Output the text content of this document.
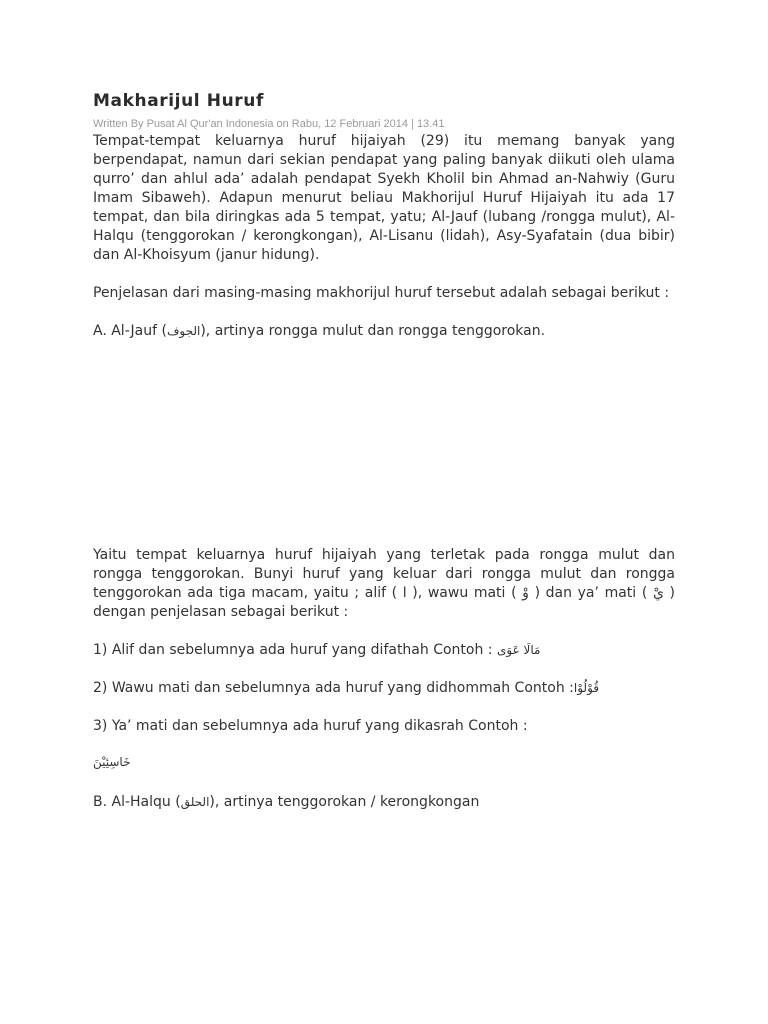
Makharijul Huruf
Written By Pusat Al Qur'an Indonesia on Rabu, 12 Februari 2014 | 13.41

Tempat-tempat keluarnya huruf hijaiyah (29) itu memang banyak yang berpendapat, namun dari sekian pendapat yang paling banyak diikuti oleh ulama qurro’ dan ahlul ada’ adalah pendapat Syekh Kholil bin Ahmad an-Nahwiy (Guru Imam Sibaweh). Adapun menurut beliau Makhorijul Huruf Hijaiyah itu ada 17 tempat, dan bila diringkas ada 5 tempat, yatu; Al-Jauf (lubang /rongga mulut), Al-Halqu (tenggorokan / kerongkongan), Al-Lisanu (lidah), Asy-Syafatain (dua bibir) dan Al-Khoisyum (janur hidung).

Penjelasan dari masing-masing makhorijul huruf tersebut adalah sebagai berikut :

A. Al-Jauf (الجوف), artinya rongga mulut dan rongga tenggorokan.

Yaitu tempat keluarnya huruf hijaiyah yang terletak pada rongga mulut dan rongga tenggorokan. Bunyi huruf yang keluar dari rongga mulut dan rongga tenggorokan ada tiga macam, yaitu ; alif ( ا ), wawu mati ( وْ ) dan ya’ mati ( يْ ) dengan penjelasan sebagai berikut :

1) Alif dan sebelumnya ada huruf yang difathah Contoh : مَالَا عَوَى

2) Wawu mati dan sebelumnya ada huruf yang didhommah Contoh :قُوْلُوْا

3) Ya’ mati dan sebelumnya ada huruf yang dikasrah Contoh :

خَاسِئِيْنَ

B. Al-Halqu (الحلق), artinya tenggorokan / kerongkongan
